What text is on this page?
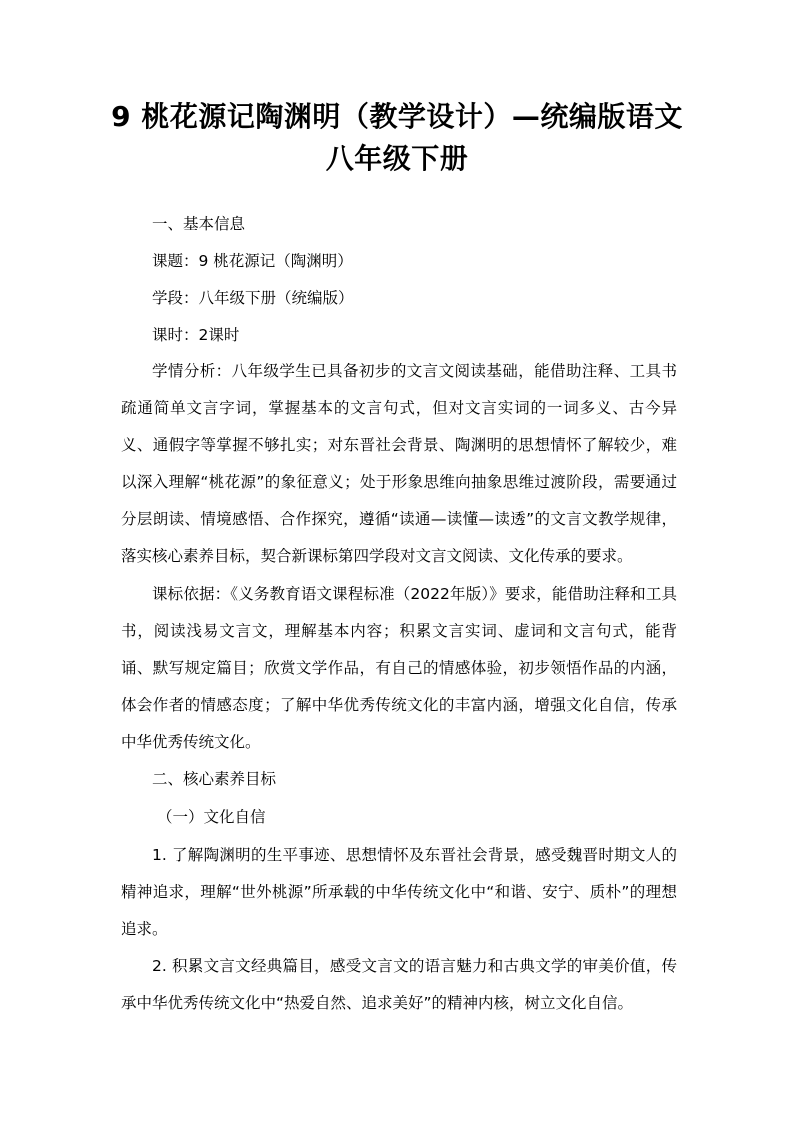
9 桃花源记陶渊明（教学设计）—统编版语文八年级下册

一、基本信息

课题：9 桃花源记（陶渊明）

学段：八年级下册（统编版）

课时：2课时

学情分析：八年级学生已具备初步的文言文阅读基础，能借助注释、工具书疏通简单文言字词，掌握基本的文言句式，但对文言实词的一词多义、古今异义、通假字等掌握不够扎实；对东晋社会背景、陶渊明的思想情怀了解较少，难以深入理解“桃花源”的象征意义；处于形象思维向抽象思维过渡阶段，需要通过分层朗读、情境感悟、合作探究，遵循“读通—读懂—读透”的文言文教学规律，落实核心素养目标，契合新课标第四学段对文言文阅读、文化传承的要求。

课标依据：《义务教育语文课程标准（2022年版）》要求，能借助注释和工具书，阅读浅易文言文，理解基本内容；积累文言实词、虚词和文言句式，能背诵、默写规定篇目；欣赏文学作品，有自己的情感体验，初步领悟作品的内涵，体会作者的情感态度；了解中华优秀传统文化的丰富内涵，增强文化自信，传承中华优秀传统文化。

二、核心素养目标

（一）文化自信

1. 了解陶渊明的生平事迹、思想情怀及东晋社会背景，感受魏晋时期文人的精神追求，理解“世外桃源”所承载的中华传统文化中“和谐、安宁、质朴”的理想追求。

2. 积累文言文经典篇目，感受文言文的语言魅力和古典文学的审美价值，传承中华优秀传统文化中“热爱自然、追求美好”的精神内核，树立文化自信。
